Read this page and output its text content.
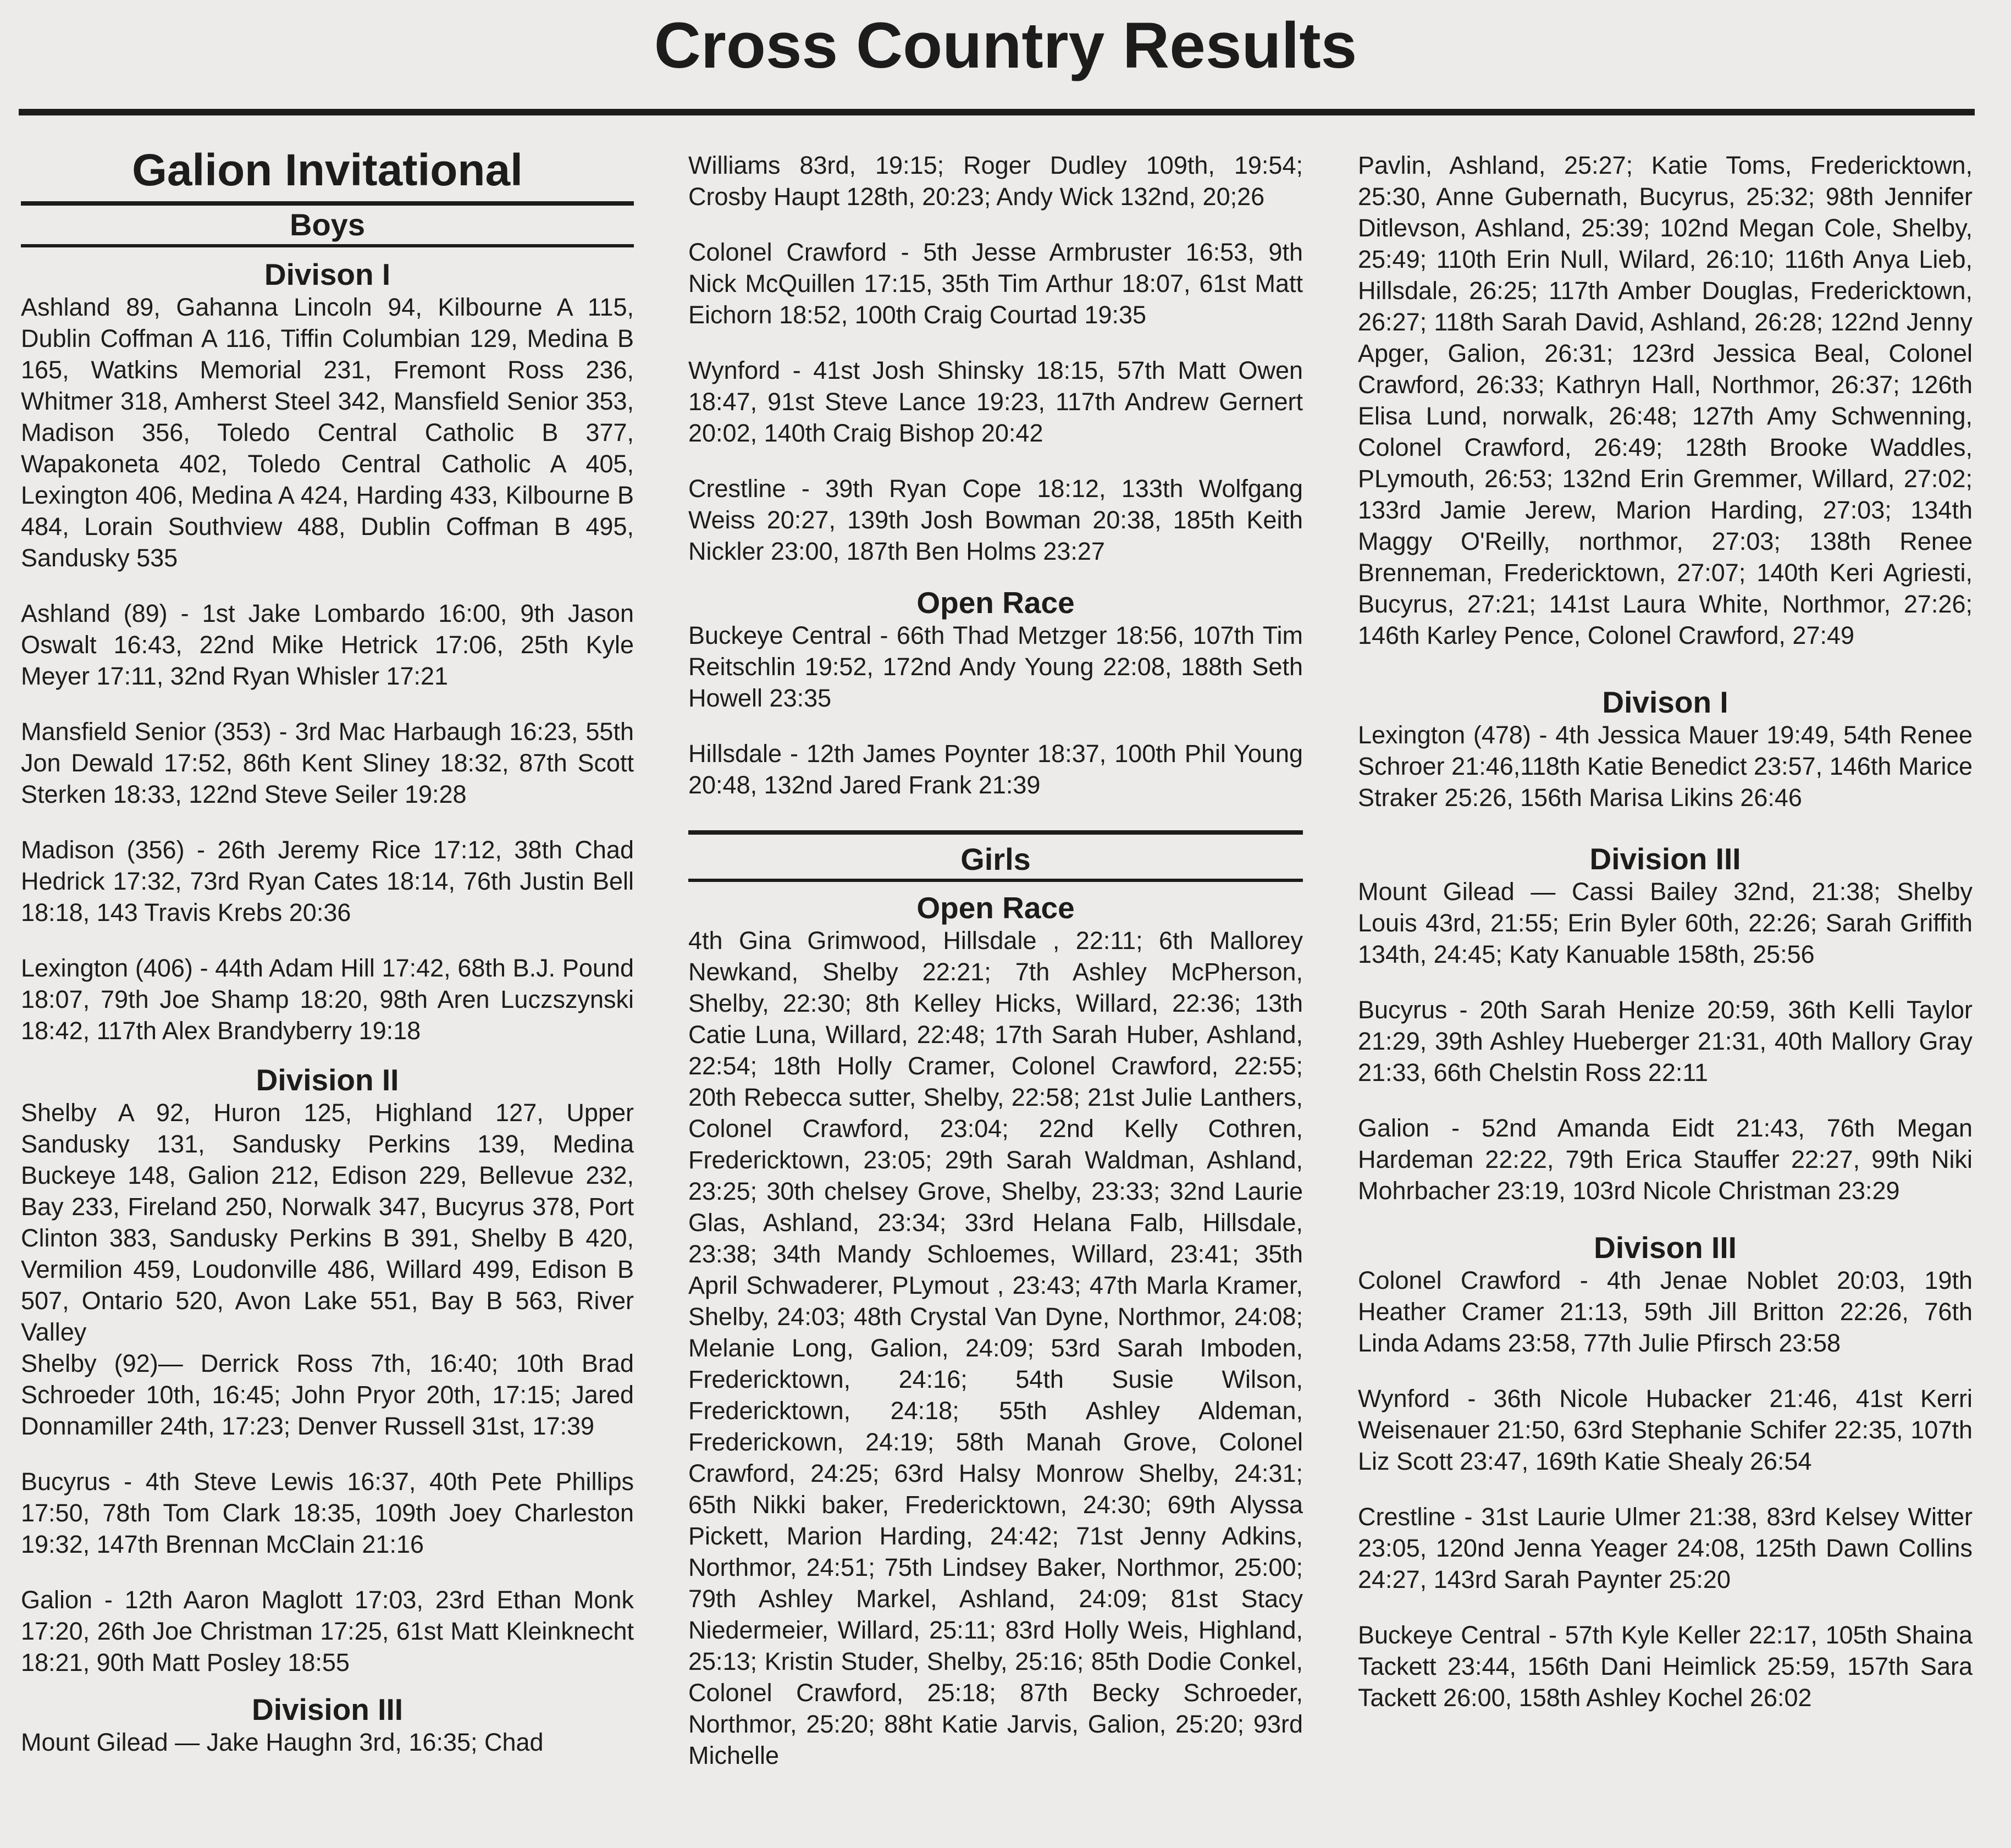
Cross Country Results
Galion Invitational
Boys
Divison I

Ashland 89, Gahanna Lincoln 94, Kilbourne A 115, Dublin Coffman A 116, Tiffin Columbian 129, Medina B 165, Watkins Memorial 231, Fremont Ross 236, Whitmer 318, Amherst Steel 342, Mansfield Senior 353, Madison 356, Toledo Central Catholic B 377, Wapakoneta 402, Toledo Central Catholic A 405, Lexington 406, Medina A 424, Harding 433, Kilbourne B 484, Lorain Southview 488, Dublin Coffman B 495, Sandusky 535

Ashland (89) - 1st Jake Lombardo 16:00, 9th Jason Oswalt 16:43, 22nd Mike Hetrick 17:06, 25th Kyle Meyer 17:11, 32nd Ryan Whisler 17:21

Mansfield Senior (353) - 3rd Mac Harbaugh 16:23, 55th Jon Dewald 17:52, 86th Kent Sliney 18:32, 87th Scott Sterken 18:33, 122nd Steve Seiler 19:28

Madison (356) - 26th Jeremy Rice 17:12, 38th Chad Hedrick 17:32, 73rd Ryan Cates 18:14, 76th Justin Bell 18:18, 143 Travis Krebs 20:36

Lexington (406) - 44th Adam Hill 17:42, 68th B.J. Pound 18:07, 79th Joe Shamp 18:20, 98th Aren Luczszynski 18:42, 117th Alex Brandyberry 19:18

Division II

Shelby A 92, Huron 125, Highland 127, Upper Sandusky 131, Sandusky Perkins 139, Medina Buckeye 148, Galion 212, Edison 229, Bellevue 232, Bay 233, Fireland 250, Norwalk 347, Bucyrus 378, Port Clinton 383, Sandusky Perkins B 391, Shelby B 420, Vermilion 459, Loudonville 486, Willard 499, Edison B 507, Ontario 520, Avon Lake 551, Bay B 563, River Valley

Shelby (92)— Derrick Ross 7th, 16:40; 10th Brad Schroeder 10th, 16:45; John Pryor 20th, 17:15; Jared Donnamiller 24th, 17:23; Denver Russell 31st, 17:39

Bucyrus - 4th Steve Lewis 16:37, 40th Pete Phillips 17:50, 78th Tom Clark 18:35, 109th Joey Charleston 19:32, 147th Brennan McClain 21:16

Galion - 12th Aaron Maglott 17:03, 23rd Ethan Monk 17:20, 26th Joe Christman 17:25, 61st Matt Kleinknecht 18:21, 90th Matt Posley 18:55

Division III

Mount Gilead — Jake Haughn 3rd, 16:35; Chad

Williams 83rd, 19:15; Roger Dudley 109th, 19:54; Crosby Haupt 128th, 20:23; Andy Wick 132nd, 20;26

Colonel Crawford - 5th Jesse Armbruster 16:53, 9th Nick McQuillen 17:15, 35th Tim Arthur 18:07, 61st Matt Eichorn 18:52, 100th Craig Courtad 19:35

Wynford - 41st Josh Shinsky 18:15, 57th Matt Owen 18:47, 91st Steve Lance 19:23, 117th Andrew Gernert 20:02, 140th Craig Bishop 20:42

Crestline - 39th Ryan Cope 18:12, 133th Wolfgang Weiss 20:27, 139th Josh Bowman 20:38, 185th Keith Nickler 23:00, 187th Ben Holms 23:27

Open Race

Buckeye Central - 66th Thad Metzger 18:56, 107th Tim Reitschlin 19:52, 172nd Andy Young 22:08, 188th Seth Howell 23:35

Hillsdale - 12th James Poynter 18:37, 100th Phil Young 20:48, 132nd Jared Frank 21:39

Girls
Open Race

4th Gina Grimwood, Hillsdale , 22:11; 6th Mallorey Newkand, Shelby 22:21; 7th Ashley McPherson, Shelby, 22:30; 8th Kelley Hicks, Willard, 22:36; 13th Catie Luna, Willard, 22:48; 17th Sarah Huber, Ashland, 22:54; 18th Holly Cramer, Colonel Crawford, 22:55; 20th Rebecca sutter, Shelby, 22:58; 21st Julie Lanthers, Colonel Crawford, 23:04; 22nd Kelly Cothren, Fredericktown, 23:05; 29th Sarah Waldman, Ashland, 23:25; 30th chelsey Grove, Shelby, 23:33; 32nd Laurie Glas, Ashland, 23:34; 33rd Helana Falb, Hillsdale, 23:38; 34th Mandy Schloemes, Willard, 23:41; 35th April Schwaderer, PLymout , 23:43; 47th Marla Kramer, Shelby, 24:03; 48th Crystal Van Dyne, Northmor, 24:08; Melanie Long, Galion, 24:09; 53rd Sarah Imboden, Fredericktown, 24:16; 54th Susie Wilson, Fredericktown, 24:18; 55th Ashley Aldeman, Frederickown, 24:19; 58th Manah Grove, Colonel Crawford, 24:25; 63rd Halsy Monrow Shelby, 24:31; 65th Nikki baker, Fredericktown, 24:30; 69th Alyssa Pickett, Marion Harding, 24:42; 71st Jenny Adkins, Northmor, 24:51; 75th Lindsey Baker, Northmor, 25:00; 79th Ashley Markel, Ashland, 24:09; 81st Stacy Niedermeier, Willard, 25:11; 83rd Holly Weis, Highland, 25:13; Kristin Studer, Shelby, 25:16; 85th Dodie Conkel, Colonel Crawford, 25:18; 87th Becky Schroeder, Northmor, 25:20; 88ht Katie Jarvis, Galion, 25:20; 93rd Michelle

Pavlin, Ashland, 25:27; Katie Toms, Fredericktown, 25:30, Anne Gubernath, Bucyrus, 25:32; 98th Jennifer Ditlevson, Ashland, 25:39; 102nd Megan Cole, Shelby, 25:49; 110th Erin Null, Wilard, 26:10; 116th Anya Lieb, Hillsdale, 26:25; 117th Amber Douglas, Fredericktown, 26:27; 118th Sarah David, Ashland, 26:28; 122nd Jenny Apger, Galion, 26:31; 123rd Jessica Beal, Colonel Crawford, 26:33; Kathryn Hall, Northmor, 26:37; 126th Elisa Lund, norwalk, 26:48; 127th Amy Schwenning, Colonel Crawford, 26:49; 128th Brooke Waddles, PLymouth, 26:53; 132nd Erin Gremmer, Willard, 27:02; 133rd Jamie Jerew, Marion Harding, 27:03; 134th Maggy O'Reilly, northmor, 27:03; 138th Renee Brenneman, Fredericktown, 27:07; 140th Keri Agriesti, Bucyrus, 27:21; 141st Laura White, Northmor, 27:26; 146th Karley Pence, Colonel Crawford, 27:49

Divison I

Lexington (478) - 4th Jessica Mauer 19:49, 54th Renee Schroer 21:46,118th Katie Benedict 23:57, 146th Marice Straker 25:26, 156th Marisa Likins 26:46

Division III

Mount Gilead — Cassi Bailey 32nd, 21:38; Shelby Louis 43rd, 21:55; Erin Byler 60th, 22:26; Sarah Griffith 134th, 24:45; Katy Kanuable 158th, 25:56

Bucyrus - 20th Sarah Henize 20:59, 36th Kelli Taylor 21:29, 39th Ashley Hueberger 21:31, 40th Mallory Gray 21:33, 66th Chelstin Ross 22:11

Galion - 52nd Amanda Eidt 21:43, 76th Megan Hardeman 22:22, 79th Erica Stauffer 22:27, 99th Niki Mohrbacher 23:19, 103rd Nicole Christman 23:29

Divison III

Colonel Crawford - 4th Jenae Noblet 20:03, 19th Heather Cramer 21:13, 59th Jill Britton 22:26, 76th Linda Adams 23:58, 77th Julie Pfirsch 23:58

Wynford - 36th Nicole Hubacker 21:46, 41st Kerri Weisenauer 21:50, 63rd Stephanie Schifer 22:35, 107th Liz Scott 23:47, 169th Katie Shealy 26:54

Crestline - 31st Laurie Ulmer 21:38, 83rd Kelsey Witter 23:05, 120nd Jenna Yeager 24:08, 125th Dawn Collins 24:27, 143rd Sarah Paynter 25:20

Buckeye Central - 57th Kyle Keller 22:17, 105th Shaina Tackett 23:44, 156th Dani Heimlick 25:59, 157th Sara Tackett 26:00, 158th Ashley Kochel 26:02
